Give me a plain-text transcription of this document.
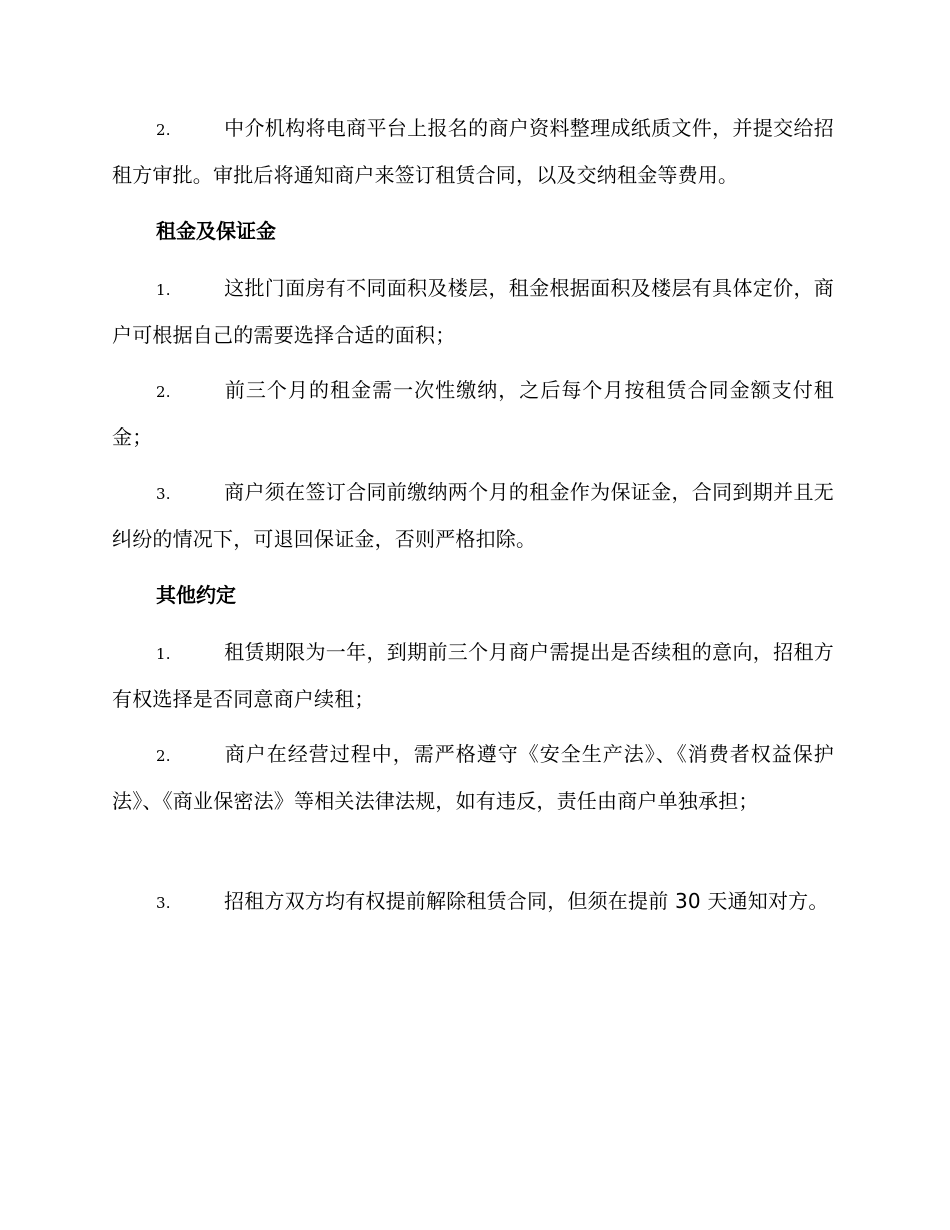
2.	中介机构将电商平台上报名的商户资料整理成纸质文件，并提交给招租方审批。审批后将通知商户来签订租赁合同，以及交纳租金等费用。
租金及保证金
1.	这批门面房有不同面积及楼层，租金根据面积及楼层有具体定价，商户可根据自己的需要选择合适的面积；
2.	前三个月的租金需一次性缴纳，之后每个月按租赁合同金额支付租金；
3.	商户须在签订合同前缴纳两个月的租金作为保证金，合同到期并且无纠纷的情况下，可退回保证金，否则严格扣除。
其他约定
1.	租赁期限为一年，到期前三个月商户需提出是否续租的意向，招租方有权选择是否同意商户续租；
2.	商户在经营过程中，需严格遵守《安全生产法》、《消费者权益保护法》、《商业保密法》等相关法律法规，如有违反，责任由商户单独承担；
3.	招租方双方均有权提前解除租赁合同，但须在提前 30 天通知对方。
